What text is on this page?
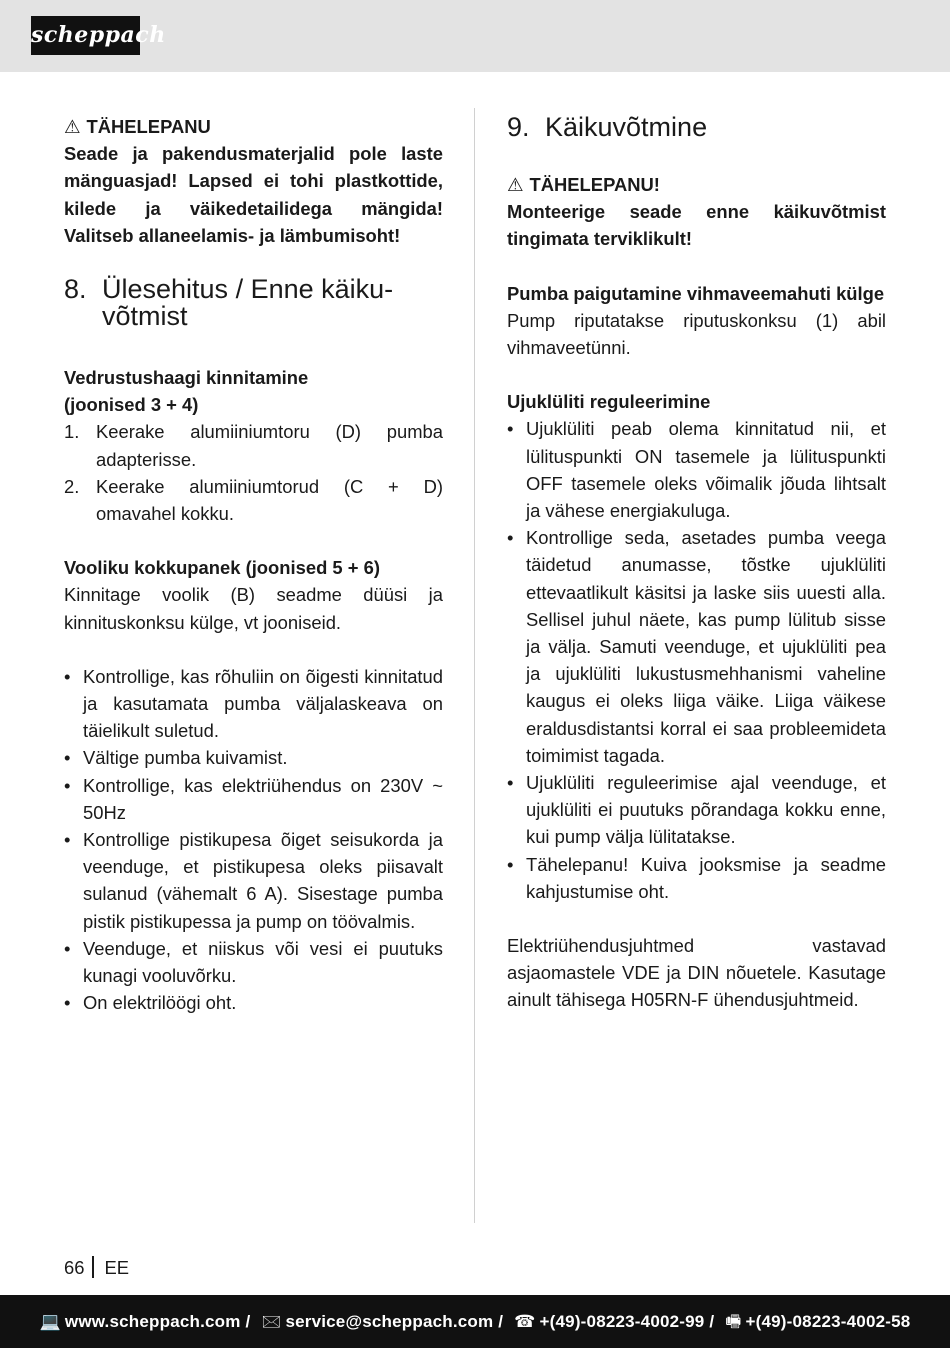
scheppach
⚠ TÄHELEPANU

Seade ja pakendusmaterjalid pole laste mänguasjad! Lapsed ei tohi plastkottide, kilede ja väikedetailidega mängida! Valitseb allaneelamis- ja lämbumisoht!

8. Ülesehitus / Enne käiku-
võtmist

Vedrustushaagi kinnitamine (joonised 3 + 4)

1. Keerake alumiiniumtoru (D) pumba adapterisse.
2. Keerake alumiiniumtorud (C + D) omavahel kokku.

Vooliku kokkupanek (joonised 5 + 6)

Kinnitage voolik (B) seadme düüsi ja kinnituskonksu külge, vt jooniseid.

• Kontrollige, kas rõhuliin on õigesti kinnitatud ja kasutamata pumba väljalaskeava on täielikult suletud.
• Vältige pumba kuivamist.
• Kontrollige, kas elektriühendus on 230V ~ 50Hz
• Kontrollige pistikupesa õiget seisukorda ja veenduge, et pistikupesa oleks piisavalt sulanud (vähemalt 6 A). Sisestage pumba pistik pistikupessa ja pump on töövalmis.
• Veenduge, et niiskus või vesi ei puutuks kunagi vooluvõrku.
• On elektrilöögi oht.
9. Käikuvõtmine
⚠ TÄHELEPANU!

Monteerige seade enne käikuvõtmist tingimata terviklikult!

Pumba paigutamine vihmaveemahuti külge

Pump riputatakse riputuskonksu (1) abil vihmaveetünni.

Ujuklüliti reguleerimine

• Ujuklüliti peab olema kinnitatud nii, et lülituspunkti ON tasemele ja lülituspunkti OFF tasemele oleks võimalik jõuda lihtsalt ja vähese energiakuluga.
• Kontrollige seda, asetades pumba veega täidetud anumasse, tõstke ujuklüliti ettevaatlikult käsitsi ja laske siis uuesti alla. Sellisel juhul näete, kas pump lülitub sisse ja välja. Samuti veenduge, et ujuklüliti pea ja ujuklüliti lukustusmehhanismi vaheline kaugus ei oleks liiga väike. Liiga väikese eraldusdistantsi korral ei saa probleemideta toimimist tagada.
• Ujuklüliti reguleerimise ajal veenduge, et ujuklüliti ei puutuks põrandaga kokku enne, kui pump välja lülitatakse.
• Tähelepanu! Kuiva jooksmise ja seadme kahjustumise oht.

Elektriühendusjuhtmed vastavad asjaomastele VDE ja DIN nõuetele. Kasutage ainult tähisega H05RN-F ühendusjuhtmeid.

66 EE
💻 www.scheppach.com / 🖂 service@scheppach.com / ☎ +(49)-08223-4002-99 / 🖷 +(49)-08223-4002-58
